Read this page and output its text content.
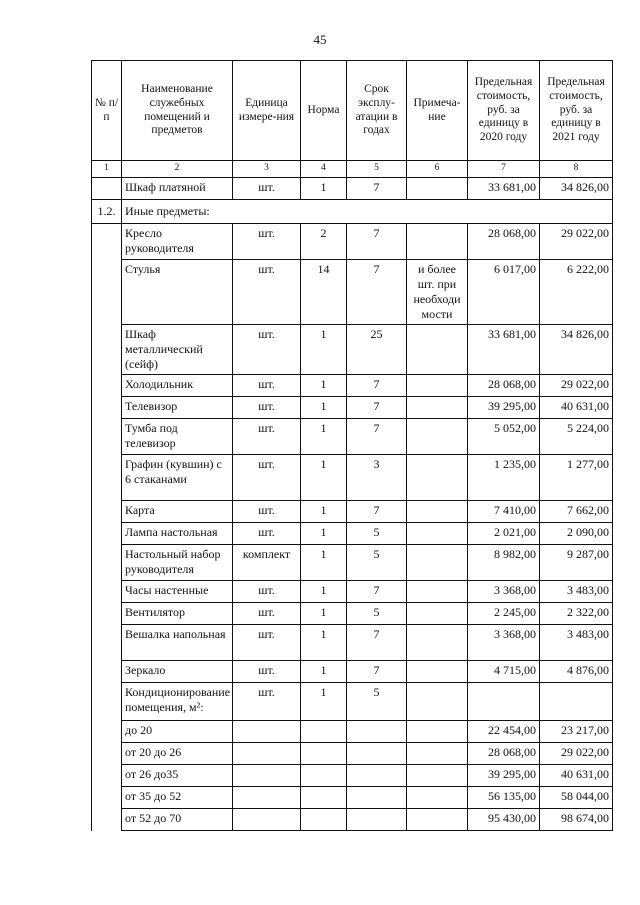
45
№ п/п	Наименование служебных помещений и предметов	Единица измере-ния	Норма	Срок эксплу-атации в годах	Примеча-ние	Предельная стоимость, руб. за единицу в 2020 году	Предельная стоимость, руб. за единицу в 2021 году
1	2	3	4	5	6	7	8
	Шкаф платяной	шт.	1	7		33 681,00	34 826,00
1.2.	Иные предметы:						
	Кресло руководителя	шт.	2	7		28 068,00	29 022,00
	Стулья	шт.	14	7	и более шт. при необходи мости	6 017,00	6 222,00
	Шкаф металлический (сейф)	шт.	1	25		33 681,00	34 826,00
	Холодильник	шт.	1	7		28 068,00	29 022,00
	Телевизор	шт.	1	7		39 295,00	40 631,00
	Тумба под телевизор	шт.	1	7		5 052,00	5 224,00
	Графин (кувшин) с 6 стаканами	шт.	1	3		1 235,00	1 277,00
	Карта	шт.	1	7		7 410,00	7 662,00
	Лампа настольная	шт.	1	5		2 021,00	2 090,00
	Настольный набор руководителя	комплект	1	5		8 982,00	9 287,00
	Часы настенные	шт.	1	7		3 368,00	3 483,00
	Вентилятор	шт.	1	5		2 245,00	2 322,00
	Вешалка напольная	шт.	1	7		3 368,00	3 483,00
	Зеркало	шт.	1	7		4 715,00	4 876,00
	Кондиционирование помещения, м²:	шт.	1	5			
	до 20					22 454,00	23 217,00
	от 20 до 26					28 068,00	29 022,00
	от 26 до35					39 295,00	40 631,00
	от 35 до 52					56 135,00	58 044,00
	от 52 до 70					95 430,00	98 674,00
